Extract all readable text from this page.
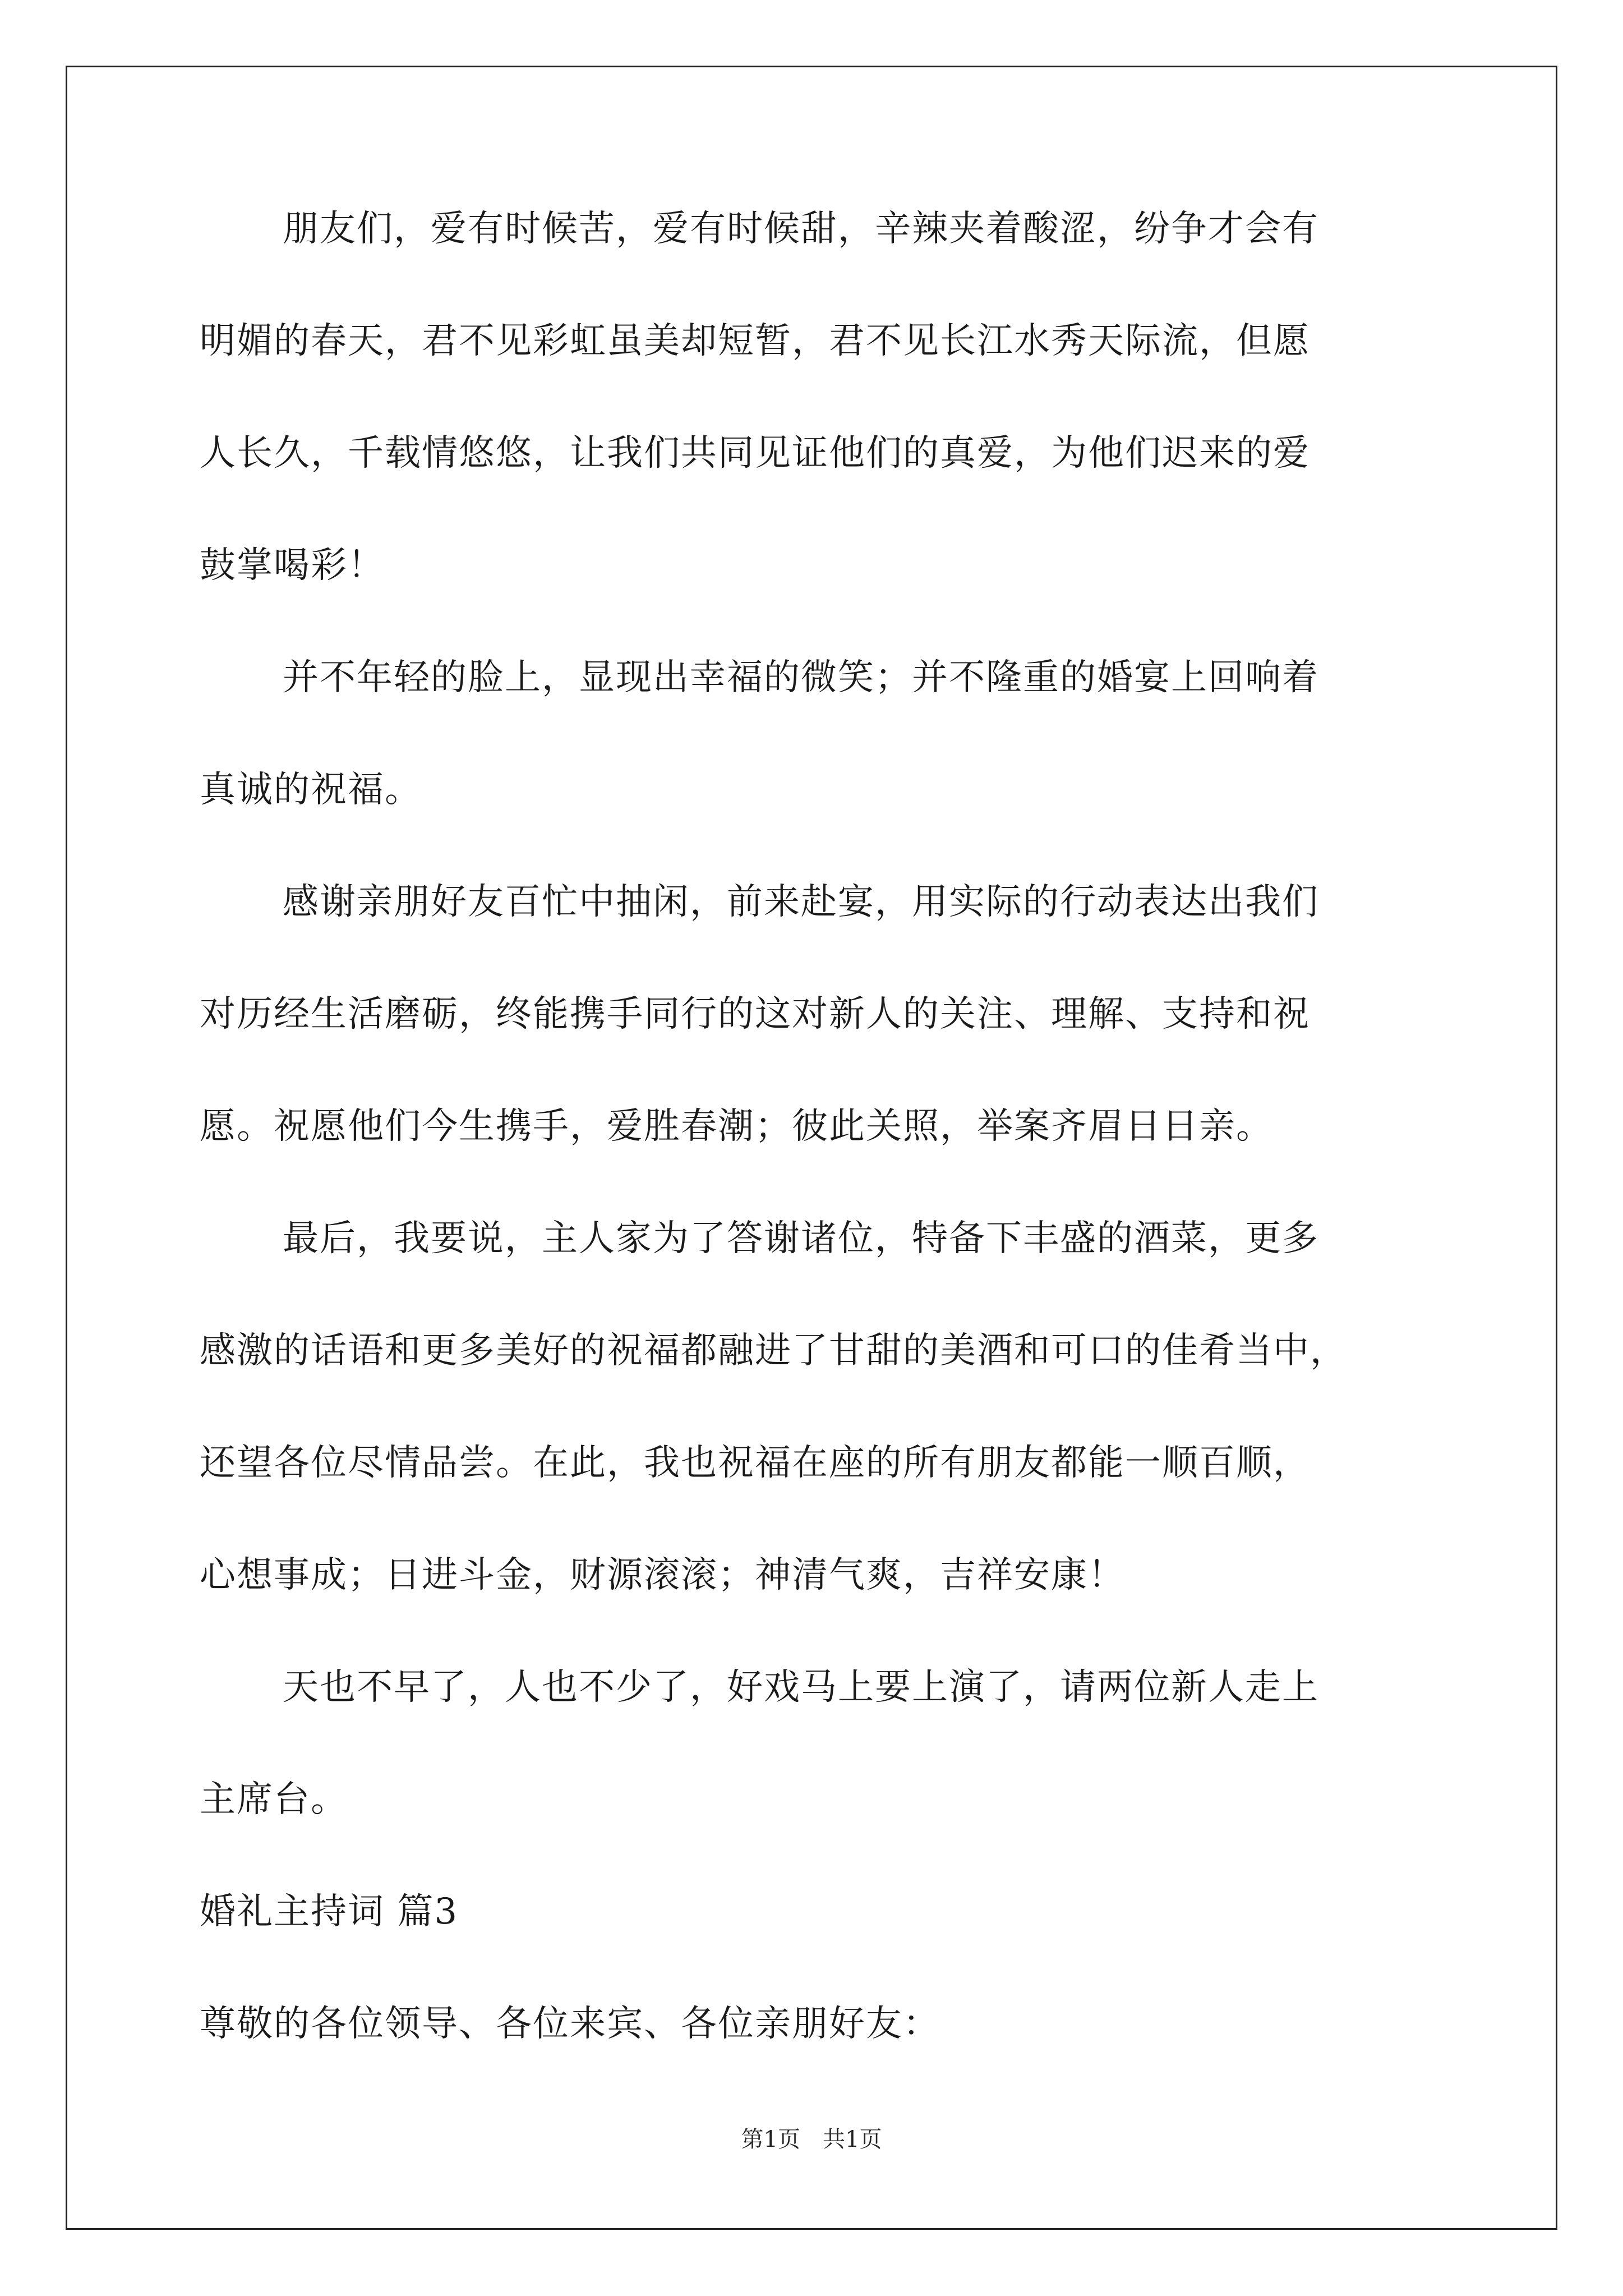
朋友们，爱有时候苦，爱有时候甜，辛辣夹着酸涩，纷争才会有
明媚的春天，君不见彩虹虽美却短暂，君不见长江水秀天际流，但愿
人长久，千载情悠悠，让我们共同见证他们的真爱，为他们迟来的爱
鼓掌喝彩！
并不年轻的脸上，显现出幸福的微笑；并不隆重的婚宴上回响着
真诚的祝福。
感谢亲朋好友百忙中抽闲，前来赴宴，用实际的行动表达出我们
对历经生活磨砺，终能携手同行的这对新人的关注、理解、支持和祝
愿。祝愿他们今生携手，爱胜春潮；彼此关照，举案齐眉日日亲。
最后，我要说，主人家为了答谢诸位，特备下丰盛的酒菜，更多
感激的话语和更多美好的祝福都融进了甘甜的美酒和可口的佳肴当中，
还望各位尽情品尝。在此，我也祝福在座的所有朋友都能一顺百顺，
心想事成；日进斗金，财源滚滚；神清气爽，吉祥安康！
天也不早了，人也不少了，好戏马上要上演了，请两位新人走上
主席台。
婚礼主持词 篇3
尊敬的各位领导、各位来宾、各位亲朋好友：
第1页 共1页
